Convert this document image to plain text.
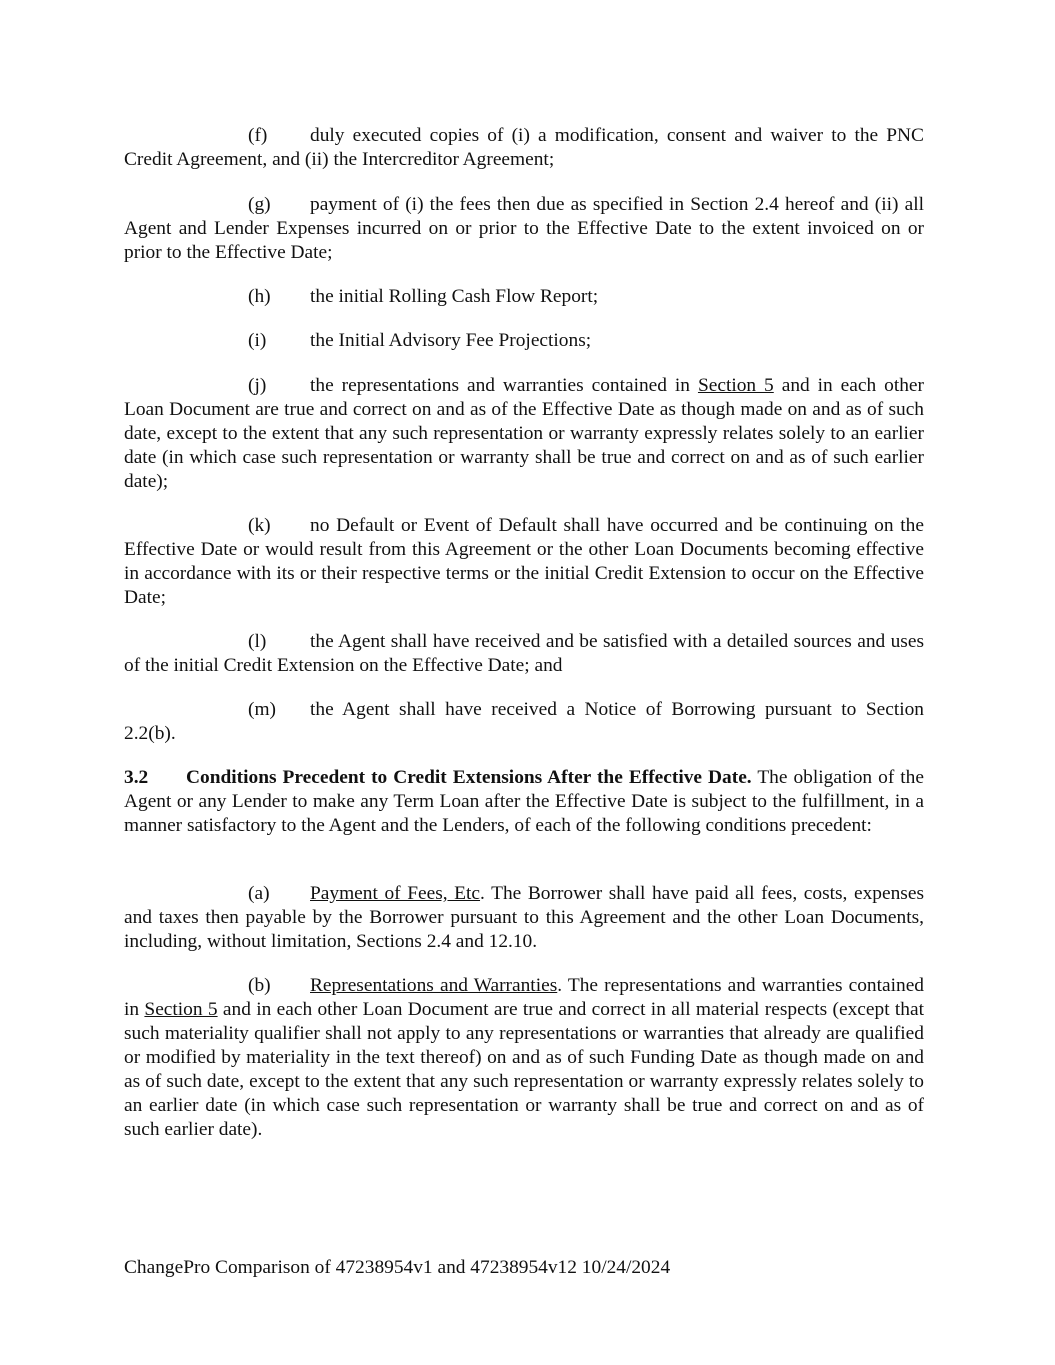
(f) duly executed copies of (i) a modification, consent and waiver to the PNC Credit Agreement, and (ii) the Intercreditor Agreement;

(g) payment of (i) the fees then due as specified in Section 2.4 hereof and (ii) all Agent and Lender Expenses incurred on or prior to the Effective Date to the extent invoiced on or prior to the Effective Date;

(h) the initial Rolling Cash Flow Report;

(i) the Initial Advisory Fee Projections;

(j) the representations and warranties contained in Section 5 and in each other Loan Document are true and correct on and as of the Effective Date as though made on and as of such date, except to the extent that any such representation or warranty expressly relates solely to an earlier date (in which case such representation or warranty shall be true and correct on and as of such earlier date);

(k) no Default or Event of Default shall have occurred and be continuing on the Effective Date or would result from this Agreement or the other Loan Documents becoming effective in accordance with its or their respective terms or the initial Credit Extension to occur on the Effective Date;

(l) the Agent shall have received and be satisfied with a detailed sources and uses of the initial Credit Extension on the Effective Date; and

(m) the Agent shall have received a Notice of Borrowing pursuant to Section 2.2(b).

3.2 Conditions Precedent to Credit Extensions After the Effective Date. The obligation of the Agent or any Lender to make any Term Loan after the Effective Date is subject to the fulfillment, in a manner satisfactory to the Agent and the Lenders, of each of the following conditions precedent:

(a) Payment of Fees, Etc. The Borrower shall have paid all fees, costs, expenses and taxes then payable by the Borrower pursuant to this Agreement and the other Loan Documents, including, without limitation, Sections 2.4 and 12.10.

(b) Representations and Warranties. The representations and warranties contained in Section 5 and in each other Loan Document are true and correct in all material respects (except that such materiality qualifier shall not apply to any representations or warranties that already are qualified or modified by materiality in the text thereof) on and as of such Funding Date as though made on and as of such date, except to the extent that any such representation or warranty expressly relates solely to an earlier date (in which case such representation or warranty shall be true and correct on and as of such earlier date).

ChangePro Comparison of 47238954v1 and 47238954v12 10/24/2024
